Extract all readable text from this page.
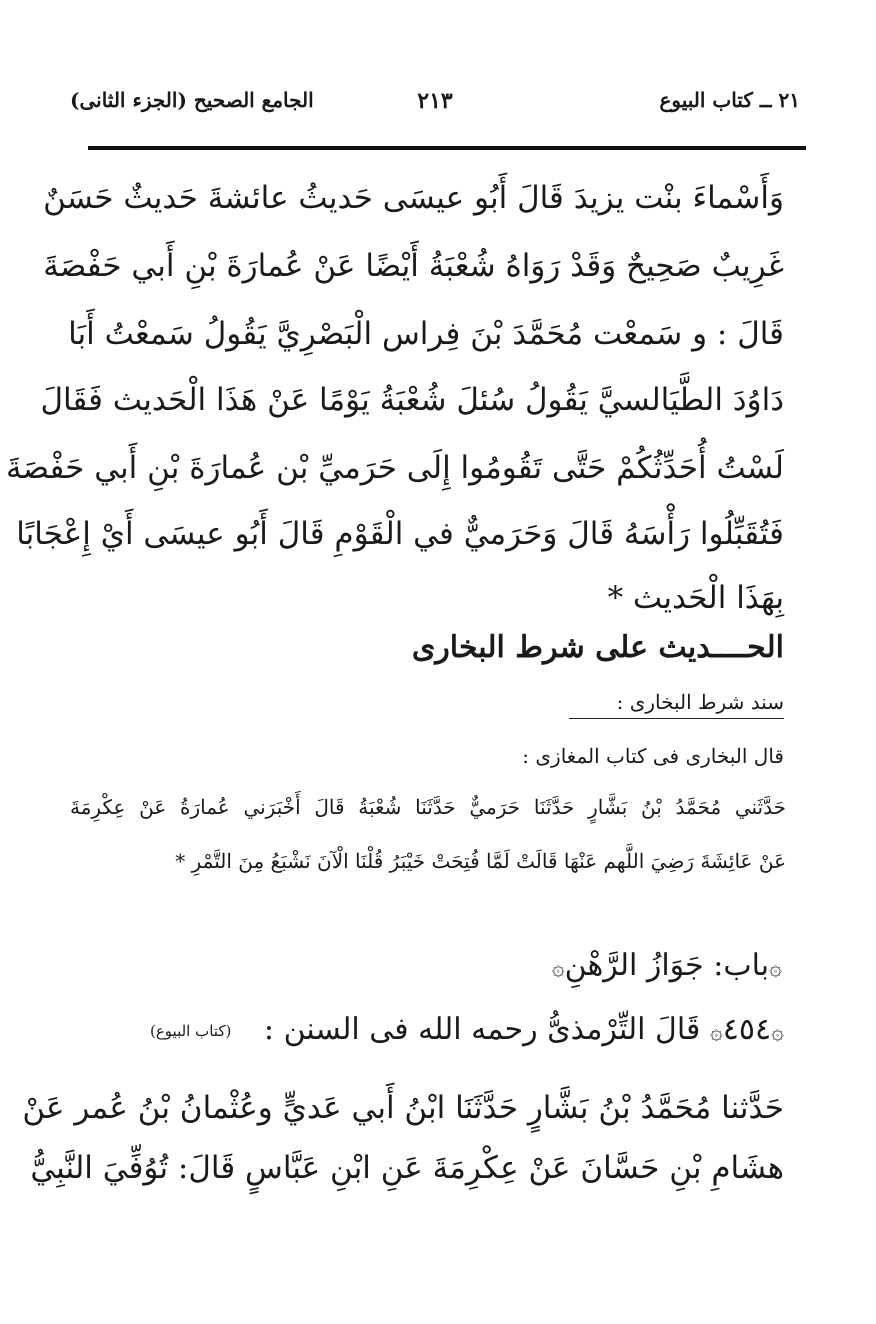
٢١ ــ كتاب البيوع
٢١٣
الجامع الصحيح (الجزء الثانى)
وَأَسْماءَ بنْت يزيدَ قَالَ أَبُو عيسَى حَديثُ عائشةَ حَديثٌ حَسَنٌ
غَرِيبٌ صَحِيحٌ وَقَدْ رَوَاهُ شُعْبَةُ أَيْضًا عَنْ عُمارَةَ بْنِ أَبي حَفْصَةَ
قَالَ : و سَمعْت مُحَمَّدَ بْنَ فِراس الْبَصْرِيَّ يَقُولُ سَمعْتُ أَبَا
دَاوُدَ الطَّيَالسيَّ يَقُولُ سُئلَ شُعْبَةُ يَوْمًا عَنْ هَذَا الْحَديث فَقَالَ
لَسْتُ أُحَدِّثُكُمْ حَتَّى تَقُومُوا إِلَى حَرَميِّ بْن عُمارَةَ بْنِ أَبي حَفْصَةَ
فَتُقَبِّلُوا رَأْسَهُ قَالَ وَحَرَميٌّ في الْقَوْمِ قَالَ أَبُو عيسَى أَيْ إِعْجَابًا
بِهَذَا الْحَديث *
الحــــديث على شرط البخارى
سند شرط البخارى :
قال البخارى فى كتاب المغازى :
حَدَّثَني مُحَمَّدُ بْنُ بَشَّارٍ حَدَّثَنَا حَرَميٌّ حَدَّثَنَا شُعْبَةُ قَالَ أَخْبَرَني عُمارَةُ عَنْ عِكْرِمَةَ
عَنْ عَائِشَةَ رَضِيَ اللَّهم عَنْهَا قَالَتْ لَمَّا فُتِحَتْ خَيْبَرُ قُلْنَا الْآنَ نَشْبَعُ مِنَ التَّمْرِ *
۞باب: جَوَازُ الرَّهْنِ۞
۞٤٥٤۞ قَالَ التِّرْمذىُّ رحمه الله فى السنن :
(كتاب البيوع)
حَدَّثنا مُحَمَّدُ بْنُ بَشَّارٍ حَدَّثَنَا ابْنُ أَبي عَديٍّ وعُثْمانُ بْنُ عُمر عَنْ
هشَامِ بْنِ حَسَّانَ عَنْ عِكْرِمَةَ عَنِ ابْنِ عَبَّاسٍ قَالَ: تُوُفِّيَ النَّبِيُّ
